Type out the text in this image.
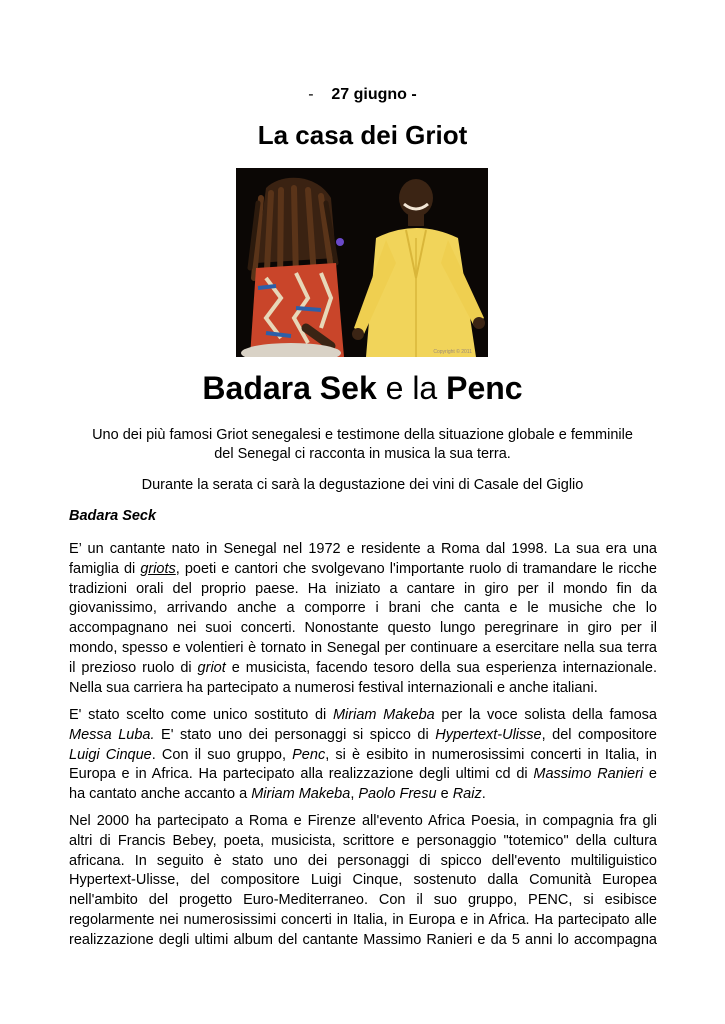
- 27 giugno -
La casa dei Griot
Copyright © 2011
Badara Sek e la Penc

Uno dei più famosi Griot senegalesi e testimone della situazione globale e femminile
del Senegal ci racconta in musica la sua terra.

Durante la serata ci sarà la degustazione dei vini di Casale del Giglio

Badara Seck

E’ un cantante nato in Senegal nel 1972 e residente a Roma dal 1998. La sua era una
famiglia di griots, poeti e cantori che svolgevano l'importante ruolo di tramandare le ricche
tradizioni orali del proprio paese. Ha iniziato a cantare in giro per il mondo fin da
giovanissimo, arrivando anche a comporre i brani che canta e le musiche che lo
accompagnano nei suoi concerti. Nonostante questo lungo peregrinare in giro per il
mondo, spesso e volentieri è tornato in Senegal per continuare a esercitare nella sua terra
il prezioso ruolo di griot e musicista, facendo tesoro della sua esperienza internazionale.
Nella sua carriera ha partecipato a numerosi festival internazionali e anche italiani.
E' stato scelto come unico sostituto di Miriam Makeba per la voce solista della famosa
Messa Luba. E' stato uno dei personaggi si spicco di Hypertext-Ulisse, del compositore
Luigi Cinque. Con il suo gruppo, Penc, si è esibito in numerosissimi concerti in Italia, in
Europa e in Africa. Ha partecipato alla realizzazione degli ultimi cd di Massimo Ranieri e
ha cantato anche accanto a Miriam Makeba, Paolo Fresu e Raiz.
Nel 2000 ha partecipato a Roma e Firenze all'evento Africa Poesia, in compagnia fra gli
altri di Francis Bebey, poeta, musicista, scrittore e personaggio "totemico" della cultura
africana. In seguito è stato uno dei personaggi di spicco dell'evento multiliguistico
Hypertext-Ulisse, del compositore Luigi Cinque, sostenuto dalla Comunità Europea
nell'ambito del progetto Euro-Mediterraneo. Con il suo gruppo, PENC, si esibisce
regolarmente nei numerosissimi concerti in Italia, in Europa e in Africa. Ha partecipato alle
realizzazione degli ultimi album del cantante Massimo Ranieri e da 5 anni lo accompagna
